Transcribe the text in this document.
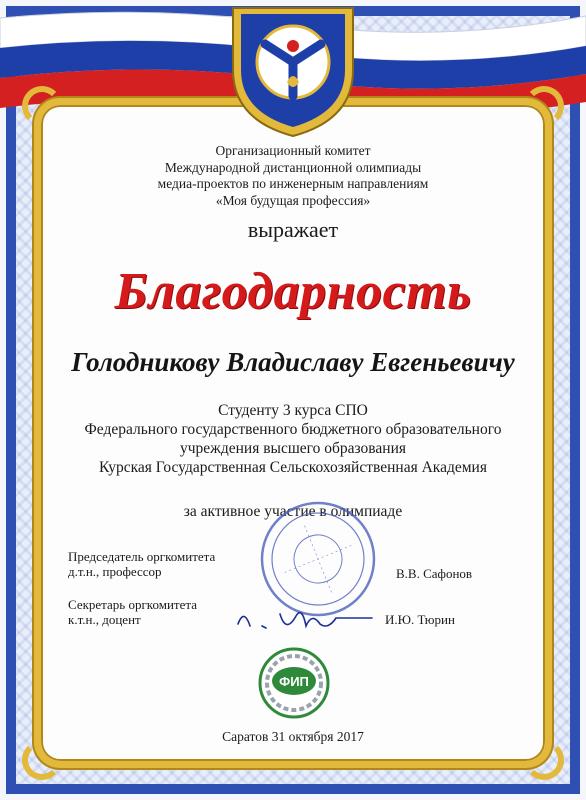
Организационный комитет
Международной дистанционной олимпиады
медиа-проектов по инженерным направлениям
«Моя будущая профессия»
выражает
Благодарность
Голодникову Владиславу Евгеньевичу
Студенту 3 курса СПО
Федерального государственного бюджетного образовательного
учреждения высшего образования
Курская Государственная Сельскохозяйственная Академия
за активное участие в олимпиаде
Председатель оргкомитета
д.т.н., профессор	В.В. Сафонов
Секретарь оргкомитета
к.т.н., доцент	И.Ю. Тюрин
ФИП
Саратов 31 октября 2017
